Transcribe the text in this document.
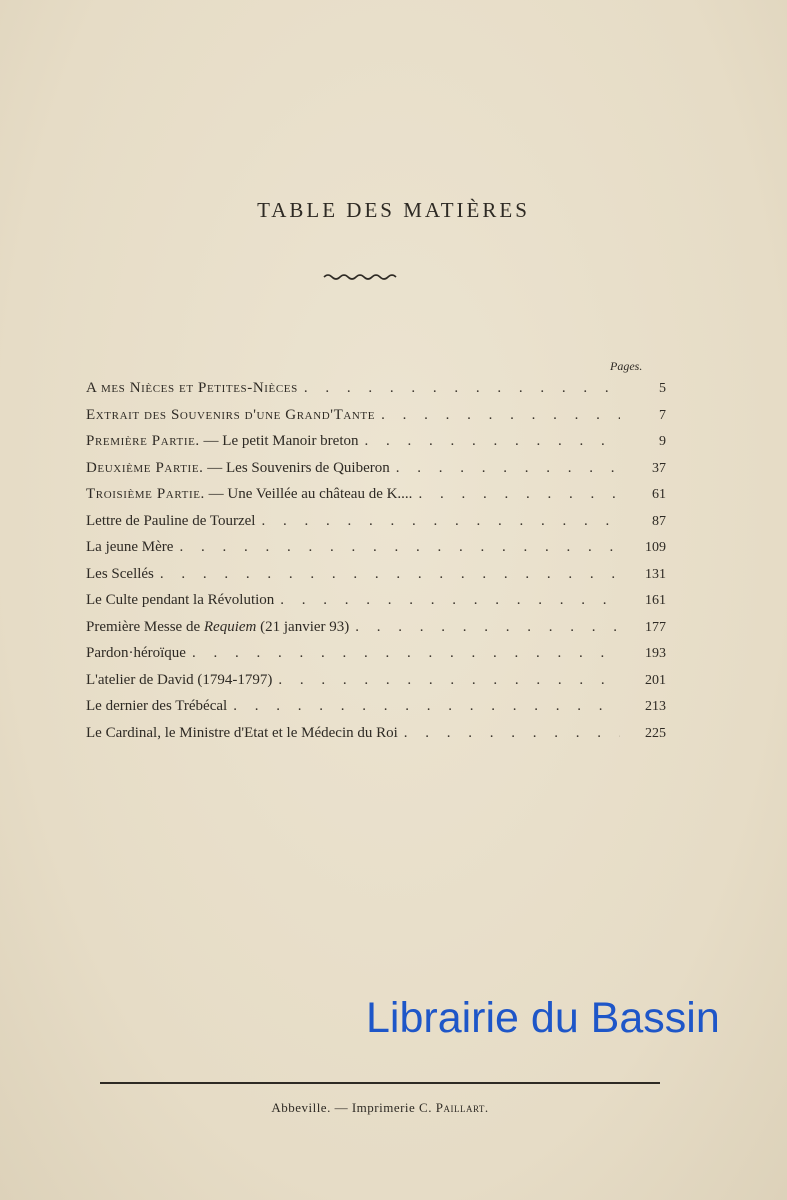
TABLE DES MATIÈRES
Pages.
A mes Nièces et Petites-Nièces . . .	5
Extrait des Souvenirs d'une Grand'Tante . . .	7
Première Partie. — Le petit Manoir breton . . .	9
Deuxième Partie. — Les Souvenirs de Quiberon . . .	37
Troisième Partie. — Une Veillée au château de K.... . . .	61
Lettre de Pauline de Tourzel . . .	87
La jeune Mère . . .	109
Les Scellés . . .	131
Le Culte pendant la Révolution . . .	161
Première Messe de Requiem (21 janvier 93) . . .	177
Pardon·héroïque . . .	193
L'atelier de David (1794-1797) . . .	201
Le dernier des Trébécal . . .	213
Le Cardinal, le Ministre d'Etat et le Médecin du Roi . . .	225
Librairie du Bassin
Abbeville. — Imprimerie C. Paillart.
